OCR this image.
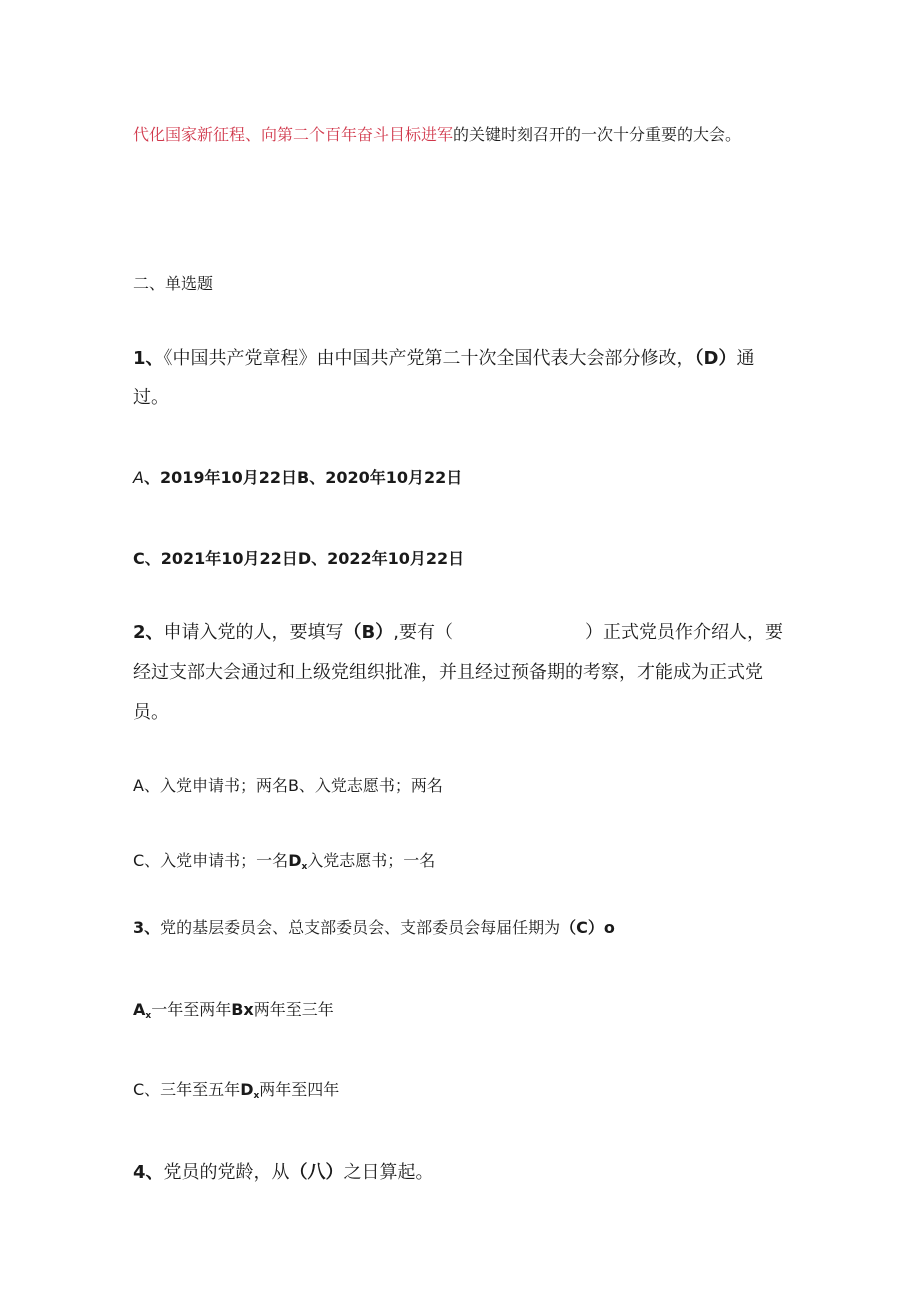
代化国家新征程、向第二个百年奋斗目标进军的关键时刻召开的一次十分重要的大会。
二、单选题
1、《中国共产党章程》由中国共产党第二十次全国代表大会部分修改，（D）通
过。
A、2019年10月22日B、2020年10月22日
C、2021年10月22日D、2022年10月22日
2、申请入党的人，要填写（B）,要有（	）正式党员作介绍人，要
经过支部大会通过和上级党组织批准，并且经过预备期的考察，才能成为正式党
员。
A、入党申请书；两名B、入党志愿书；两名
C、入党申请书；一名$D_x$入党志愿书；一名
3、党的基层委员会、总支部委员会、支部委员会每届任期为（C）o
$A_x$一年至两年Bx两年至三年
C、三年至五年$D_x$两年至四年
4、党员的党龄，从（八）之日算起。
